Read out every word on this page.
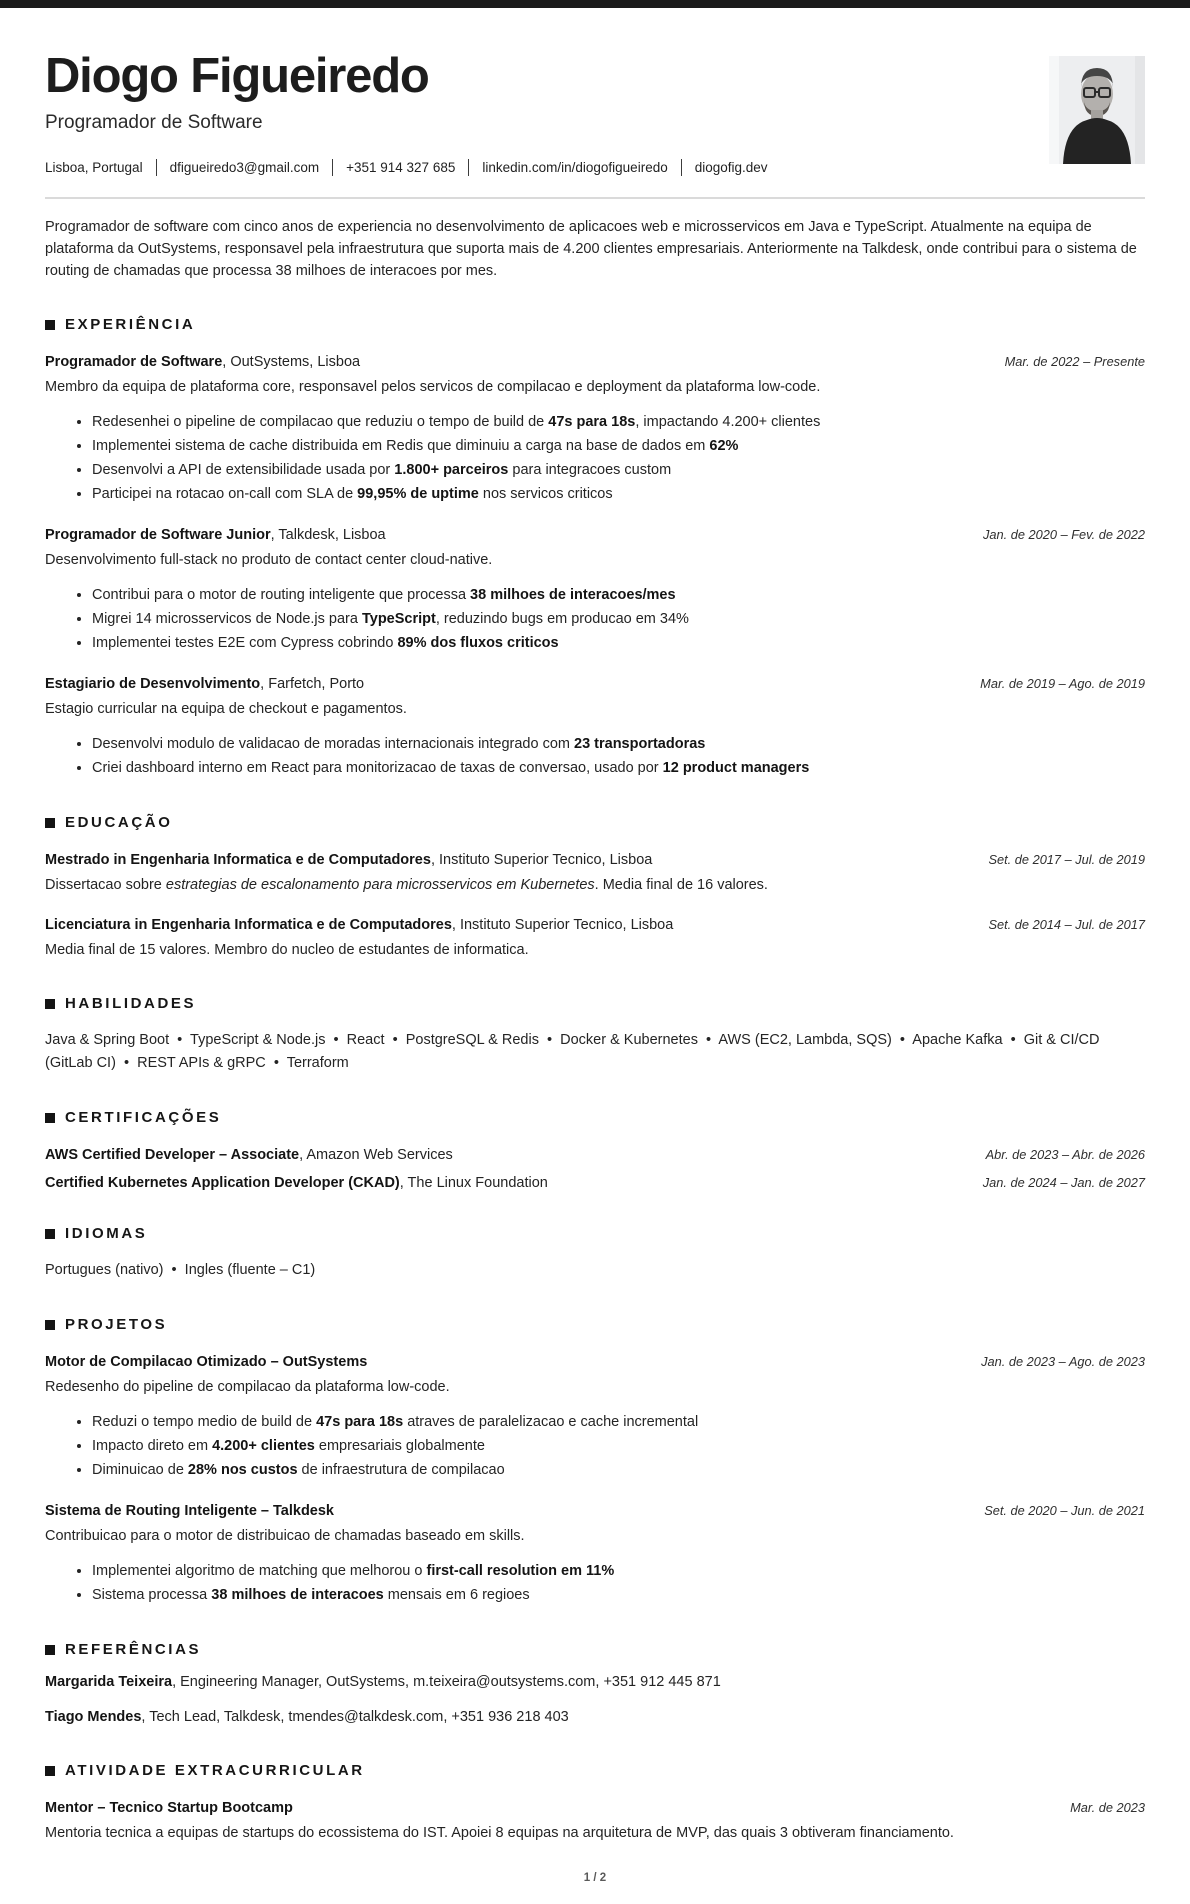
Diogo Figueiredo

Programador de Software

Lisboa, Portugal dfigueiredo3@gmail.com +351 914 327 685 linkedin.com/in/diogofigueiredo diogofig.dev

Programador de software com cinco anos de experiencia no desenvolvimento de aplicacoes web e microsservicos em Java e TypeScript. Atualmente na equipa de plataforma da OutSystems, responsavel pela infraestrutura que suporta mais de 4.200 clientes empresariais. Anteriormente na Talkdesk, onde contribui para o sistema de routing de chamadas que processa 38 milhoes de interacoes por mes.

EXPERIÊNCIA
Programador de Software, OutSystems, Lisboa	Mar. de 2022 – Presente

Membro da equipa de plataforma core, responsavel pelos servicos de compilacao e deployment da plataforma low-code.

• Redesenhei o pipeline de compilacao que reduziu o tempo de build de 47s para 18s, impactando 4.200+ clientes
• Implementei sistema de cache distribuida em Redis que diminuiu a carga na base de dados em 62%
• Desenvolvi a API de extensibilidade usada por 1.800+ parceiros para integracoes custom
• Participei na rotacao on-call com SLA de 99,95% de uptime nos servicos criticos
Programador de Software Junior, Talkdesk, Lisboa	Jan. de 2020 – Fev. de 2022

Desenvolvimento full-stack no produto de contact center cloud-native.

• Contribui para o motor de routing inteligente que processa 38 milhoes de interacoes/mes
• Migrei 14 microsservicos de Node.js para TypeScript, reduzindo bugs em producao em 34%
• Implementei testes E2E com Cypress cobrindo 89% dos fluxos criticos
Estagiario de Desenvolvimento, Farfetch, Porto	Mar. de 2019 – Ago. de 2019

Estagio curricular na equipa de checkout e pagamentos.

• Desenvolvi modulo de validacao de moradas internacionais integrado com 23 transportadoras
• Criei dashboard interno em React para monitorizacao de taxas de conversao, usado por 12 product managers
EDUCAÇÃO
Mestrado in Engenharia Informatica e de Computadores, Instituto Superior Tecnico, Lisboa	Set. de 2017 – Jul. de 2019

Dissertacao sobre estrategias de escalonamento para microsservicos em Kubernetes. Media final de 16 valores.

Licenciatura in Engenharia Informatica e de Computadores, Instituto Superior Tecnico, Lisboa	Set. de 2014 – Jul. de 2017

Media final de 15 valores. Membro do nucleo de estudantes de informatica.

HABILIDADES

Java & Spring Boot  •  TypeScript & Node.js  •  React  •  PostgreSQL & Redis  •  Docker & Kubernetes  •  AWS (EC2, Lambda, SQS)  •  Apache Kafka  •  Git & CI/CD (GitLab CI)  •  REST APIs & gRPC  •  Terraform

CERTIFICAÇÕES
AWS Certified Developer – Associate, Amazon Web Services	Abr. de 2023 – Abr. de 2026
Certified Kubernetes Application Developer (CKAD), The Linux Foundation	Jan. de 2024 – Jan. de 2027
IDIOMAS

Portugues (nativo)  •  Ingles (fluente – C1)

PROJETOS
Motor de Compilacao Otimizado – OutSystems	Jan. de 2023 – Ago. de 2023

Redesenho do pipeline de compilacao da plataforma low-code.

• Reduzi o tempo medio de build de 47s para 18s atraves de paralelizacao e cache incremental
• Impacto direto em 4.200+ clientes empresariais globalmente
• Diminuicao de 28% nos custos de infraestrutura de compilacao
Sistema de Routing Inteligente – Talkdesk	Set. de 2020 – Jun. de 2021

Contribuicao para o motor de distribuicao de chamadas baseado em skills.

• Implementei algoritmo de matching que melhorou o first-call resolution em 11%
• Sistema processa 38 milhoes de interacoes mensais em 6 regioes
REFERÊNCIAS

Margarida Teixeira, Engineering Manager, OutSystems, m.teixeira@outsystems.com, +351 912 445 871

Tiago Mendes, Tech Lead, Talkdesk, tmendes@talkdesk.com, +351 936 218 403

ATIVIDADE EXTRACURRICULAR
Mentor – Tecnico Startup Bootcamp	Mar. de 2023

Mentoria tecnica a equipas de startups do ecossistema do IST. Apoiei 8 equipas na arquitetura de MVP, das quais 3 obtiveram financiamento.

1 / 2
